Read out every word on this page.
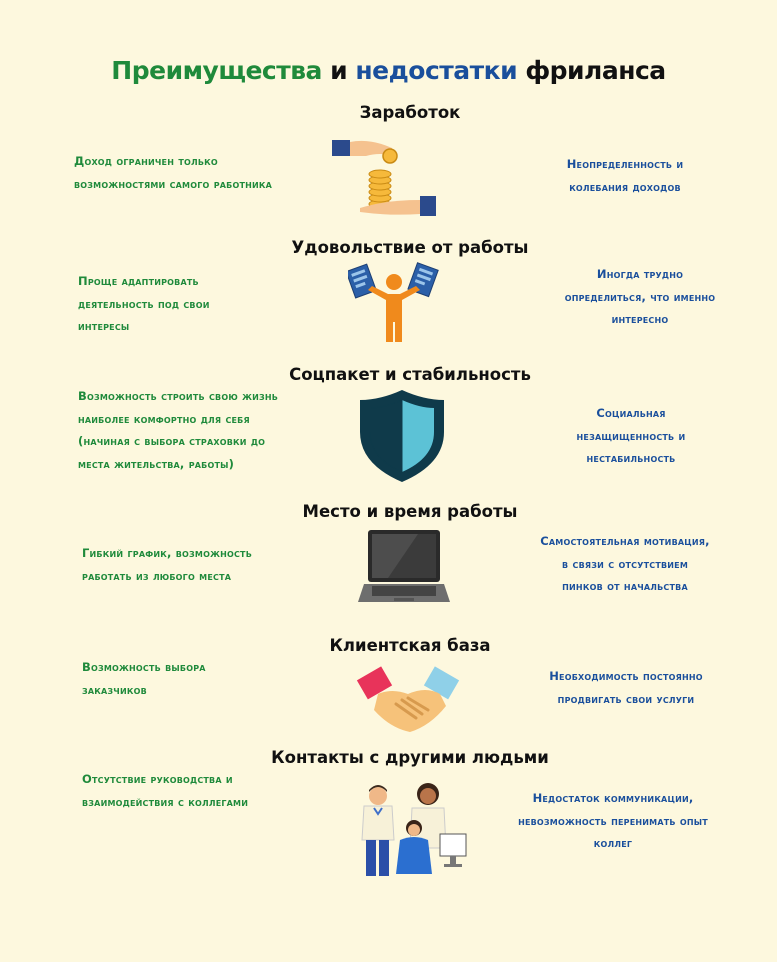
Преимущества и недостатки фриланса
Заработок
Доход ограничен только возможностями самого работника
Неопределенность и колебания доходов
Удовольствие от работы
Проще адаптировать деятельность под свои интересы
Иногда трудно определиться, что именно интересно
Соцпакет и стабильность
Возможность строить свою жизнь наиболее комфортно для себя (начиная с выбора страховки до места жительства, работы)
Социальная незащищенность и нестабильность
Место и время работы
Гибкий график, возможность работать из любого места
Самостоятельная мотивация, в связи с отсутствием пинков от начальства
Клиентская база
Возможность выбора заказчиков
Необходимость постоянно продвигать свои услуги
Контакты с другими людьми
Отсутствие руководства и взаимодействия с коллегами	Недостаток коммуникации, невозможность перенимать опыт коллег
